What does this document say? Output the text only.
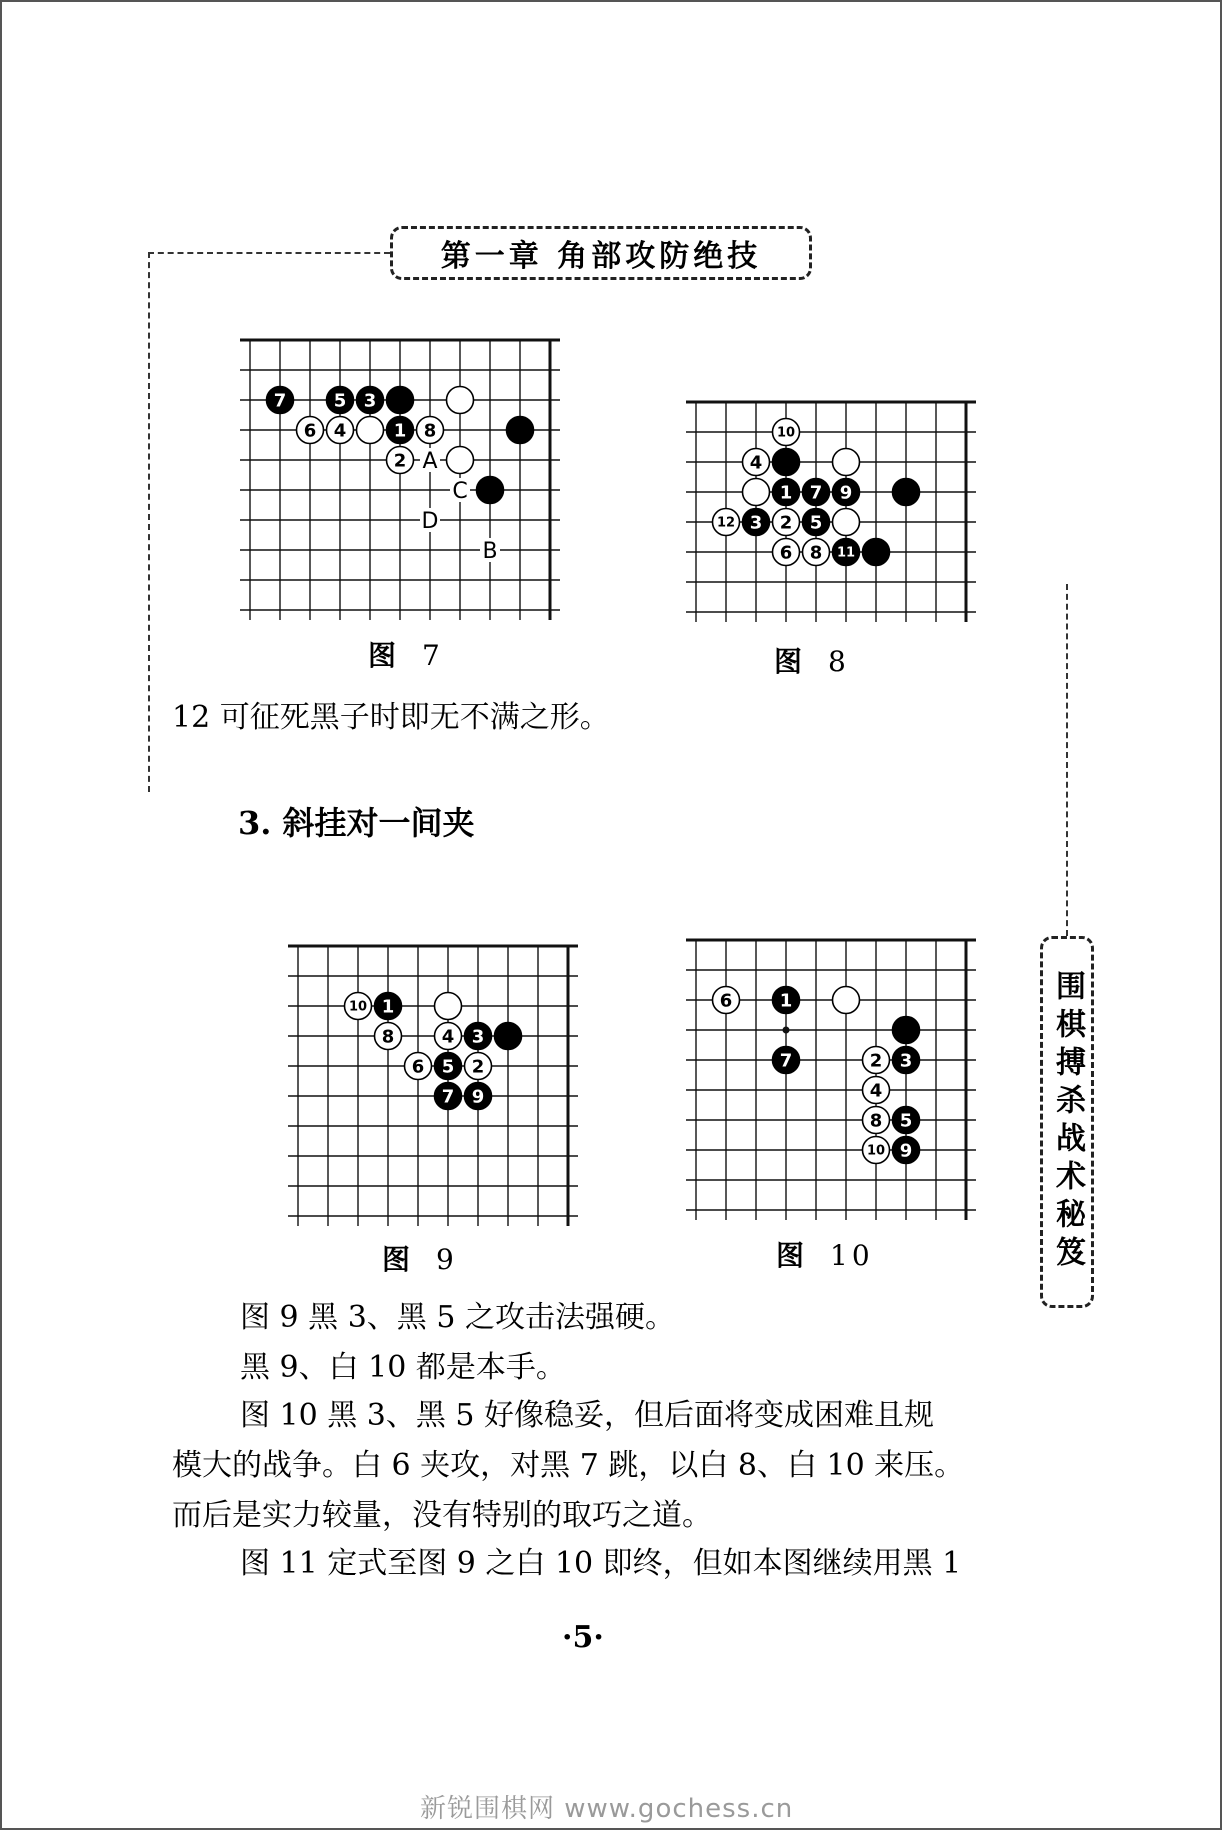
第一章 角部攻防绝技
围棋搏杀战术秘笈
A
B
C
D
7	5 3
6 4	1 8
2
10
4
1 7 9
12 3 2 5
6 8 11
10 1
8	4 3
6 5 2
7 9
6	1
7	2 3
4
8 5
10 9
图 7	图 8
图 9	图 10
12 可征死黑子时即无不满之形。
3. 斜挂对一间夹
图 9 黑 3、黑 5 之攻击法强硬。
黑 9、白 10 都是本手。
图 10 黑 3、黑 5 好像稳妥，但后面将变成困难且规
模大的战争。白 6 夹攻，对黑 7 跳，以白 8、白 10 来压。
而后是实力较量，没有特别的取巧之道。
图 11 定式至图 9 之白 10 即终，但如本图继续用黑 1
·5·
新锐围棋网 www.gochess.cn
